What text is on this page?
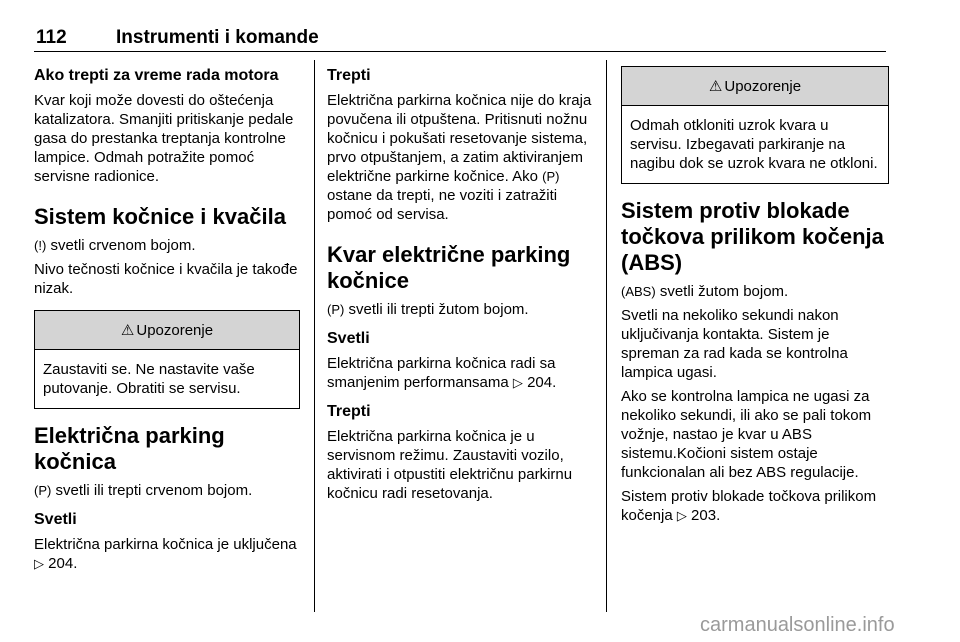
112	Instrumenti i komande
Ako trepti za vreme rada motora

Kvar koji može dovesti do oštećenja katalizatora. Smanjiti pritiskanje pedale gasa do prestanka treptanja kontrolne lampice. Odmah potražite pomoć servisne radionice.

Sistem kočnice i kvačila

(!) svetli crvenom bojom.

Nivo tečnosti kočnice i kvačila je takođe nizak.

⚠ Upozorenje

Zaustaviti se. Ne nastavite vaše putovanje. Obratiti se servisu.

Električna parking kočnica

(P) svetli ili trepti crvenom bojom.

Svetli

Električna parkirna kočnica je uključena ▷ 204.

Trepti

Električna parkirna kočnica nije do kraja povučena ili otpuštena. Pritisnuti nožnu kočnicu i pokušati resetovanje sistema, prvo otpuštanjem, a zatim aktiviranjem električne parkirne kočnice. Ako (P) ostane da trepti, ne voziti i zatražiti pomoć od servisa.

Kvar električne parking kočnice

(P) svetli ili trepti žutom bojom.

Svetli

Električna parkirna kočnica radi sa smanjenim performansama ▷ 204.

Trepti

Električna parkirna kočnica je u servisnom režimu. Zaustaviti vozilo, aktivirati i otpustiti električnu parkirnu kočnicu radi resetovanja.

⚠ Upozorenje

Odmah otkloniti uzrok kvara u servisu. Izbegavati parkiranje na nagibu dok se uzrok kvara ne otkloni.

Sistem protiv blokade točkova prilikom kočenja (ABS)

(ABS) svetli žutom bojom.

Svetli na nekoliko sekundi nakon uključivanja kontakta. Sistem je spreman za rad kada se kontrolna lampica ugasi.

Ako se kontrolna lampica ne ugasi za nekoliko sekundi, ili ako se pali tokom vožnje, nastao je kvar u ABS sistemu.Kočioni sistem ostaje funkcionalan ali bez ABS regulacije.

Sistem protiv blokade točkova prilikom kočenja ▷ 203.

carmanualsonline.info
